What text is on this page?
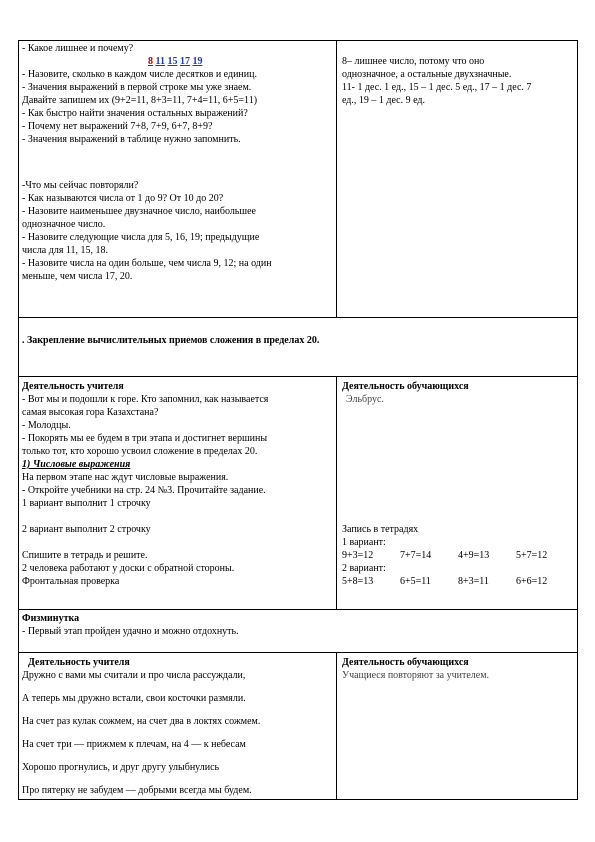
- Какое лишнее и почему?
8 11 15 17 19
- Назовите, сколько в каждом числе десятков и единиц.
- Значения выражений в первой строке мы уже знаем.
Давайте запишем их (9+2=11, 8+3=11, 7+4=11, 6+5=11)
- Как быстро найти значения остальных выражений?
- Почему нет выражений 7+8, 7+9, 6+7, 8+9?
- Значения выражений в таблице нужно запомнить.
-Что мы сейчас повторяли?
- Как называются числа от 1 до 9? От 10 до 20?
- Назовите наименьшее двузначное число, наибольшее
однозначное число.
- Назовите следующие числа для 5, 16, 19; предыдущие
числа для 11, 15, 18.
- Назовите числа на один больше, чем числа 9, 12; на один
меньше, чем числа 17, 20.
8– лишнее число, потому что оно
однозначное, а остальные двухзначные.
11- 1 дес. 1 ед., 15 – 1 дес. 5 ед., 17 – 1 дес. 7
ед., 19 – 1 дес. 9 ед.
. Закрепление вычислительных приемов сложения в пределах 20.
Деятельность учителя
- Вот мы и подошли к горе. Кто запомнил, как называется
самая высокая гора Казахстана?
- Молодцы.
- Покорять мы ее будем в три этапа и достигнет вершины
только тот, кто хорошо усвоил сложение в пределах 20.
1) Числовые выражения
На первом этапе нас ждут числовые выражения.
- Откройте учебники на стр. 24 №3. Прочитайте задание.
1 вариант выполнит 1 строчку
2 вариант выполнит 2 строчку
Спишите в тетрадь и решите.
2 человека работают у доски с обратной стороны.
Фронтальная проверка
Деятельность обучающихся
Эльбрус.
Запись в тетрадях
1 вариант:
9+3=12	7+7=14	4+9=13	5+7=12
2 вариант:
5+8=13	6+5=11	8+3=11	6+6=12
Физминутка
- Первый этап пройден удачно и можно отдохнуть.
Деятельность учителя
Дружно с вами мы считали и про числа рассуждали,
А теперь мы дружно встали, свои косточки размяли.
На счет раз кулак сожмем, на счет два в локтях сожмем.
На счет три — прижмем к плечам, на 4 — к небесам
Хорошо прогнулись, и друг другу улыбнулись
Про пятерку не забудем — добрыми всегда мы будем.
Деятельность обучающихся
Учащиеся повторяют за учителем.
